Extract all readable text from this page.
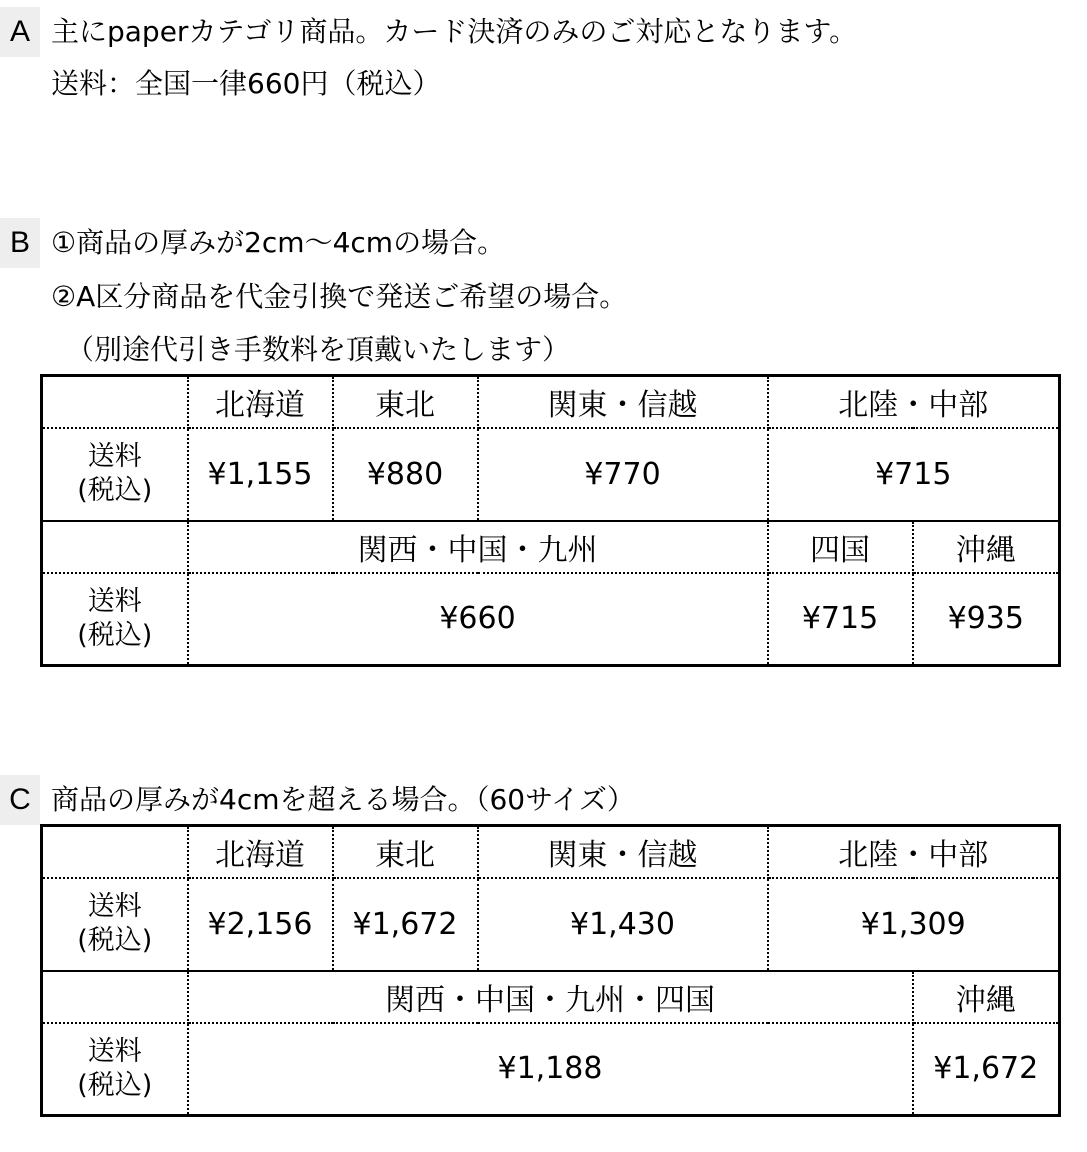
A 主にpaperカテゴリ商品。カード決済のみのご対応となります。
送料：全国一律660円（税込）
B ①商品の厚みが2cm〜4cmの場合。
②A区分商品を代金引換で発送ご希望の場合。
（別途代引き手数料を頂戴いたします）
	北海道	東北	関東・信越	北陸・中部	
送料
(税込)	¥1,155	¥880	¥770	¥715	
	関西・中国・九州			四国	沖縄
送料
(税込)	¥660			¥715	¥935
C 商品の厚みが4cmを超える場合。（60サイズ）
	北海道	東北	関東・信越	北陸・中部	
送料
(税込)	¥2,156	¥1,672	¥1,430	¥1,309	
	関西・中国・九州・四国				沖縄
送料
(税込)	¥1,188				¥1,672
